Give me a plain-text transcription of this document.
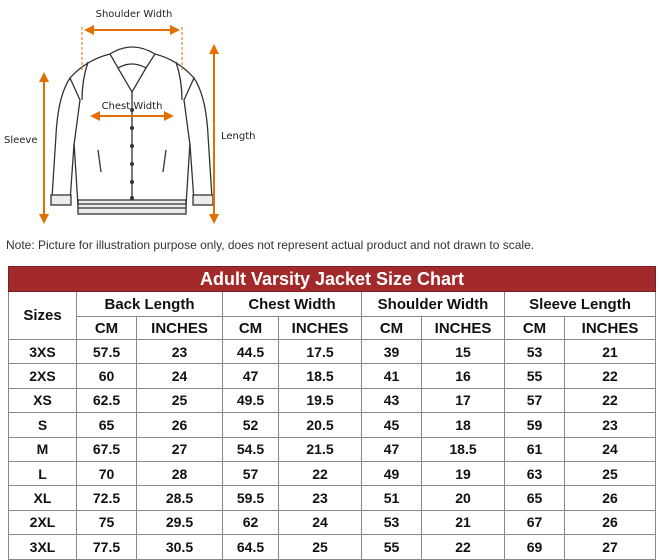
Shoulder Width
Chest Width
Sleeve	Length
Note: Picture for illustration purpose only, does not represent actual product and not drawn to scale.
Adult Varsity Jacket Size Chart								
Sizes	Back Length		Chest Width		Shoulder Width		Sleeve Length	
	CM	INCHES	CM	INCHES	CM	INCHES	CM	INCHES
3XS	57.5	23	44.5	17.5	39	15	53	21
2XS	60	24	47	18.5	41	16	55	22
XS	62.5	25	49.5	19.5	43	17	57	22
S	65	26	52	20.5	45	18	59	23
M	67.5	27	54.5	21.5	47	18.5	61	24
L	70	28	57	22	49	19	63	25
XL	72.5	28.5	59.5	23	51	20	65	26
2XL	75	29.5	62	24	53	21	67	26
3XL	77.5	30.5	64.5	25	55	22	69	27
